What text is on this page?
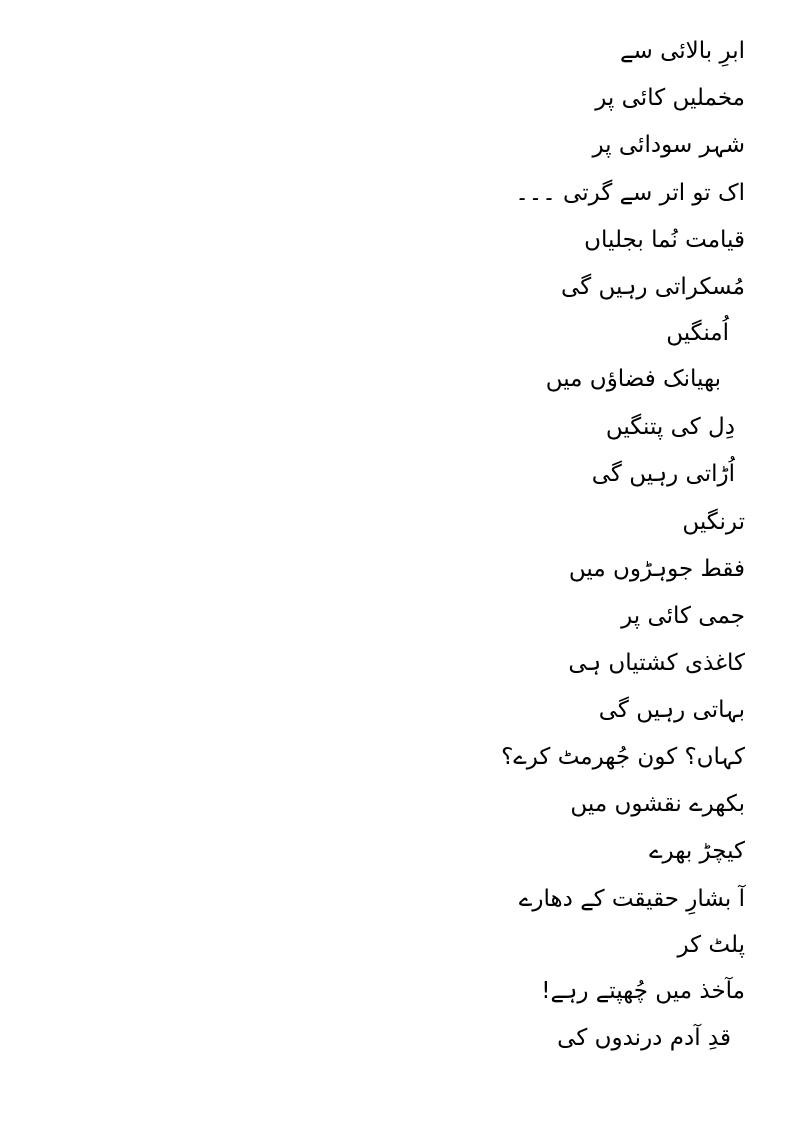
ابرِ بالائی سے
مخملیں کائی پر
شہر سودائی پر
اک تو اتر سے گرتی ۔۔۔
قیامت نُما بجلیاں
مُسکراتی رہیں گی
اُمنگیں
بھیانک فضاؤں میں
دِل کی پتنگیں
اُڑاتی رہیں گی
ترنگیں
فقط جوہڑوں میں
جمی کائی پر
کاغذی کشتیاں ہی
بہاتی رہیں گی
کہاں؟ کون جُھرمٹ کرے؟
بکھرے نقشوں میں
کیچڑ بھرے
آ بشارِ حقیقت کے دھارے
پلٹ کر
مآخذ میں چُھپتے رہے!
قدِ آدم درندوں کی
